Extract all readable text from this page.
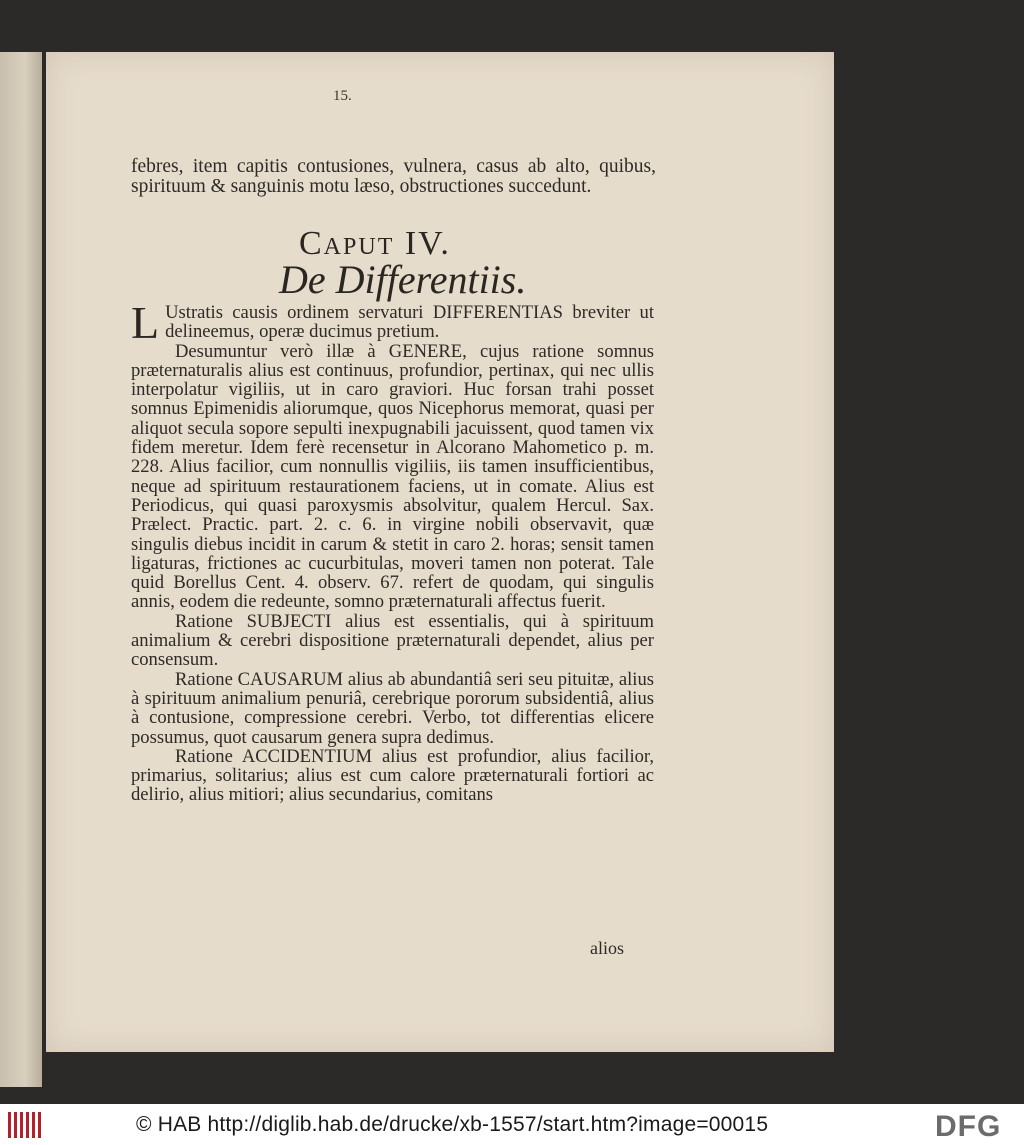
15.
febres, item capitis contusiones, vulnera, casus ab alto, quibus, spirituum & sanguinis motu læso, obstructiones succedunt.
Caput IV.
De Differentiis.

L Ustratis causis ordinem servaturi DIFFERENTIAS breviter ut delineemus, operæ ducimus pretium.

Desumuntur verò illæ à GENERE, cujus ratione somnus præternaturalis alius est continuus, profundior, pertinax, qui nec ullis interpolatur vigiliis, ut in caro graviori. Huc forsan trahi posset somnus Epimenidis aliorumque, quos Nicephorus memorat, quasi per aliquot secula sopore sepulti inexpugnabili jacuissent, quod tamen vix fidem meretur. Idem ferè recensetur in Alcorano Mahometico p. m. 228. Alius facilior, cum nonnullis vigiliis, iis tamen insufficientibus, neque ad spirituum restaurationem faciens, ut in comate. Alius est Periodicus, qui quasi paroxysmis absolvitur, qualem Hercul. Sax. Prælect. Practic. part. 2. c. 6. in virgine nobili observavit, quæ singulis diebus incidit in carum & stetit in caro 2. horas; sensit tamen ligaturas, frictiones ac cucurbitulas, moveri tamen non poterat. Tale quid Borellus Cent. 4. observ. 67. refert de quodam, qui singulis annis, eodem die redeunte, somno præternaturali affectus fuerit.

Ratione SUBJECTI alius est essentialis, qui à spirituum animalium & cerebri dispositione præternaturali dependet, alius per consensum.

Ratione CAUSARUM alius ab abundantiâ seri seu pituitæ, alius à spirituum animalium penuriâ, cerebrique pororum subsidentiâ, alius à contusione, compressione cerebri. Verbo, tot differentias elicere possumus, quot causarum genera supra dedimus.

Ratione ACCIDENTIUM alius est profundior, alius facilior, primarius, solitarius; alius est cum calore præternaturali fortiori ac delirio, alius mitiori; alius secundarius, comitans

alios
© HAB http://diglib.hab.de/drucke/xb-1557/start.htm?image=00015	DFG
